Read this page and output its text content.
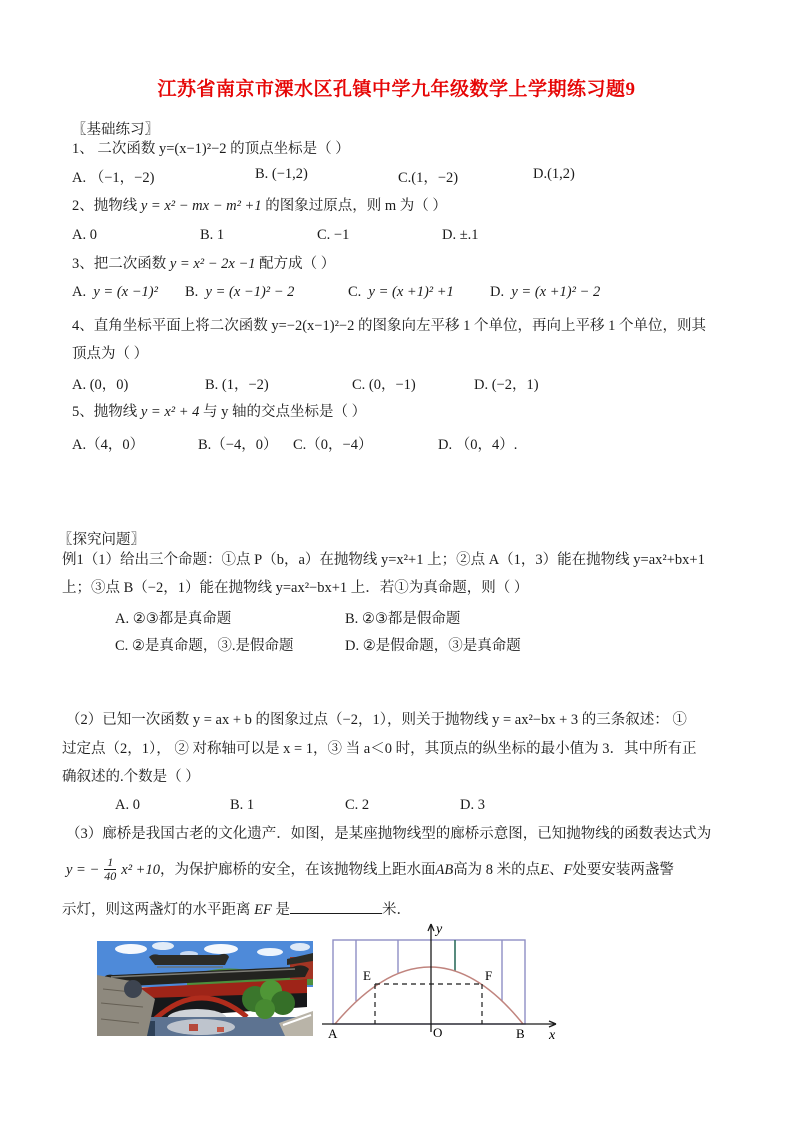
江苏省南京市溧水区孔镇中学九年级数学上学期练习题9
〖基础练习〗
1、 二次函数 y=(x−1)²−2 的顶点坐标是（ ）
A. （−1，−2)	B. (−1,2)	C.(1，−2)	D.(1,2)
2、抛物线 y = x² − mx − m² +1 的图象过原点，则 m 为（ ）
A. 0	B. 1	C. −1	D. ±.1
3、把二次函数 y = x² − 2x −1 配方成（ ）
A. y = (x −1)² B. y = (x −1)² − 2	C. y = (x +1)² +1 D. y = (x +1)² − 2
4、直角坐标平面上将二次函数 y=−2(x−1)²−2 的图象向左平移 1 个单位，再向上平移 1 个单位，则其
顶点为（ ）
A. (0，0)	B. (1，−2)	C. (0，−1)	D. (−2，1)
5、抛物线 y = x² + 4 与 y 轴的交点坐标是（ ）
A.（4，0）	B.（−4，0） C.（0，−4）	D. （0，4）.
〖探究问题〗
例1（1）给出三个命题：①点 P（b，a）在抛物线 y=x²+1 上；②点 A（1，3）能在抛物线 y=ax²+bx+1
上；③点 B（−2，1）能在抛物线 y=ax²−bx+1 上．若①为真命题，则（ ）
A. ②③都是真命题	B. ②③都是假命题
C. ②是真命题，③.是假命题	D. ②是假命题，③是真命题
（2）已知一次函数 y = ax + b 的图象过点（−2，1），则关于抛物线 y = ax²−bx + 3 的三条叙述： ①
过定点（2，1）， ② 对称轴可以是 x = 1，③ 当 a＜0 时，其顶点的纵坐标的最小值为 3．其中所有正
确叙述的.个数是（ ）
A. 0	B. 1	C. 2	D. 3
（3）廊桥是我国古老的文化遗产．如图，是某座抛物线型的廊桥示意图，已知抛物线的函数表达式为
y = − $\frac{1}{40} x^2 +10$ ，为保护廊桥的安全，在该抛物线上距水面 AB 高为 8 米的点 E 、 F 处要安装两盏警
示灯，则这两盏灯的水平距离 EF 是	米．
y
x
O
A	B
E	F
